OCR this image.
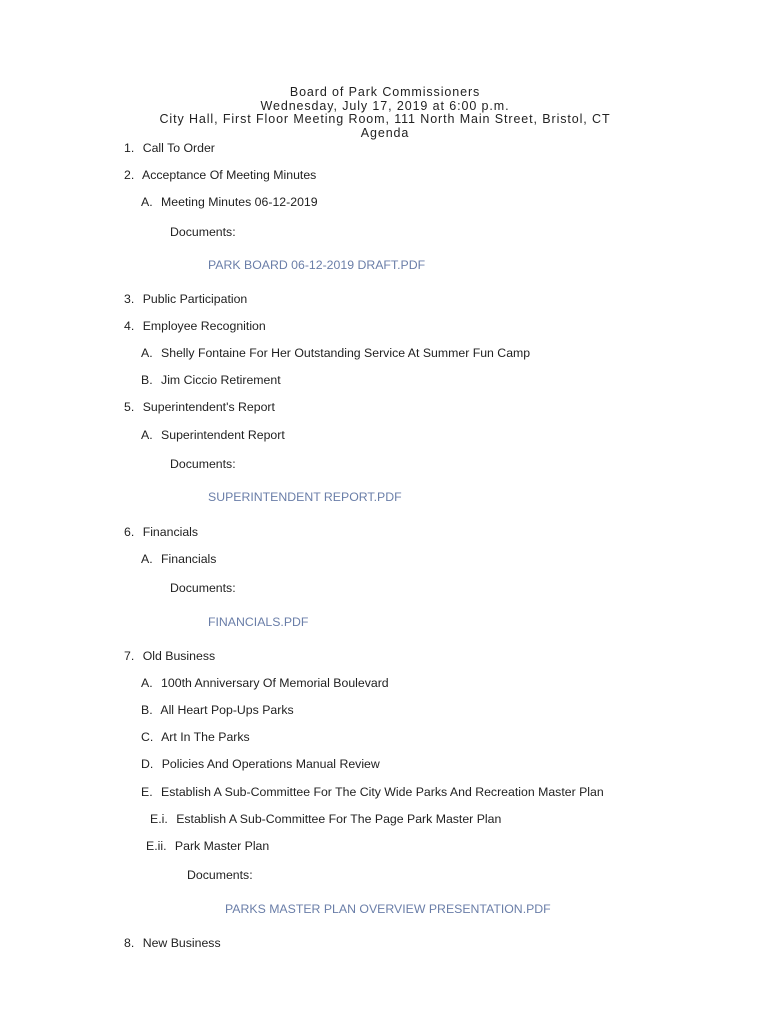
Board of Park Commissioners
Wednesday, July 17, 2019 at 6:00 p.m.
City Hall, First Floor Meeting Room, 111 North Main Street, Bristol, CT
Agenda
1. Call To Order
2. Acceptance Of Meeting Minutes
A. Meeting Minutes 06-12-2019
Documents:
PARK BOARD 06-12-2019 DRAFT.PDF
3. Public Participation
4. Employee Recognition
A. Shelly Fontaine For Her Outstanding Service At Summer Fun Camp
B. Jim Ciccio Retirement
5. Superintendent's Report
A. Superintendent Report
Documents:
SUPERINTENDENT REPORT.PDF
6. Financials
A. Financials
Documents:
FINANCIALS.PDF
7. Old Business
A. 100th Anniversary Of Memorial Boulevard
B. All Heart Pop-Ups Parks
C. Art In The Parks
D. Policies And Operations Manual Review
E. Establish A Sub-Committee For The City Wide Parks And Recreation Master Plan
E.i. Establish A Sub-Committee For The Page Park Master Plan
E.ii. Park Master Plan
Documents:
PARKS MASTER PLAN OVERVIEW PRESENTATION.PDF
8. New Business
